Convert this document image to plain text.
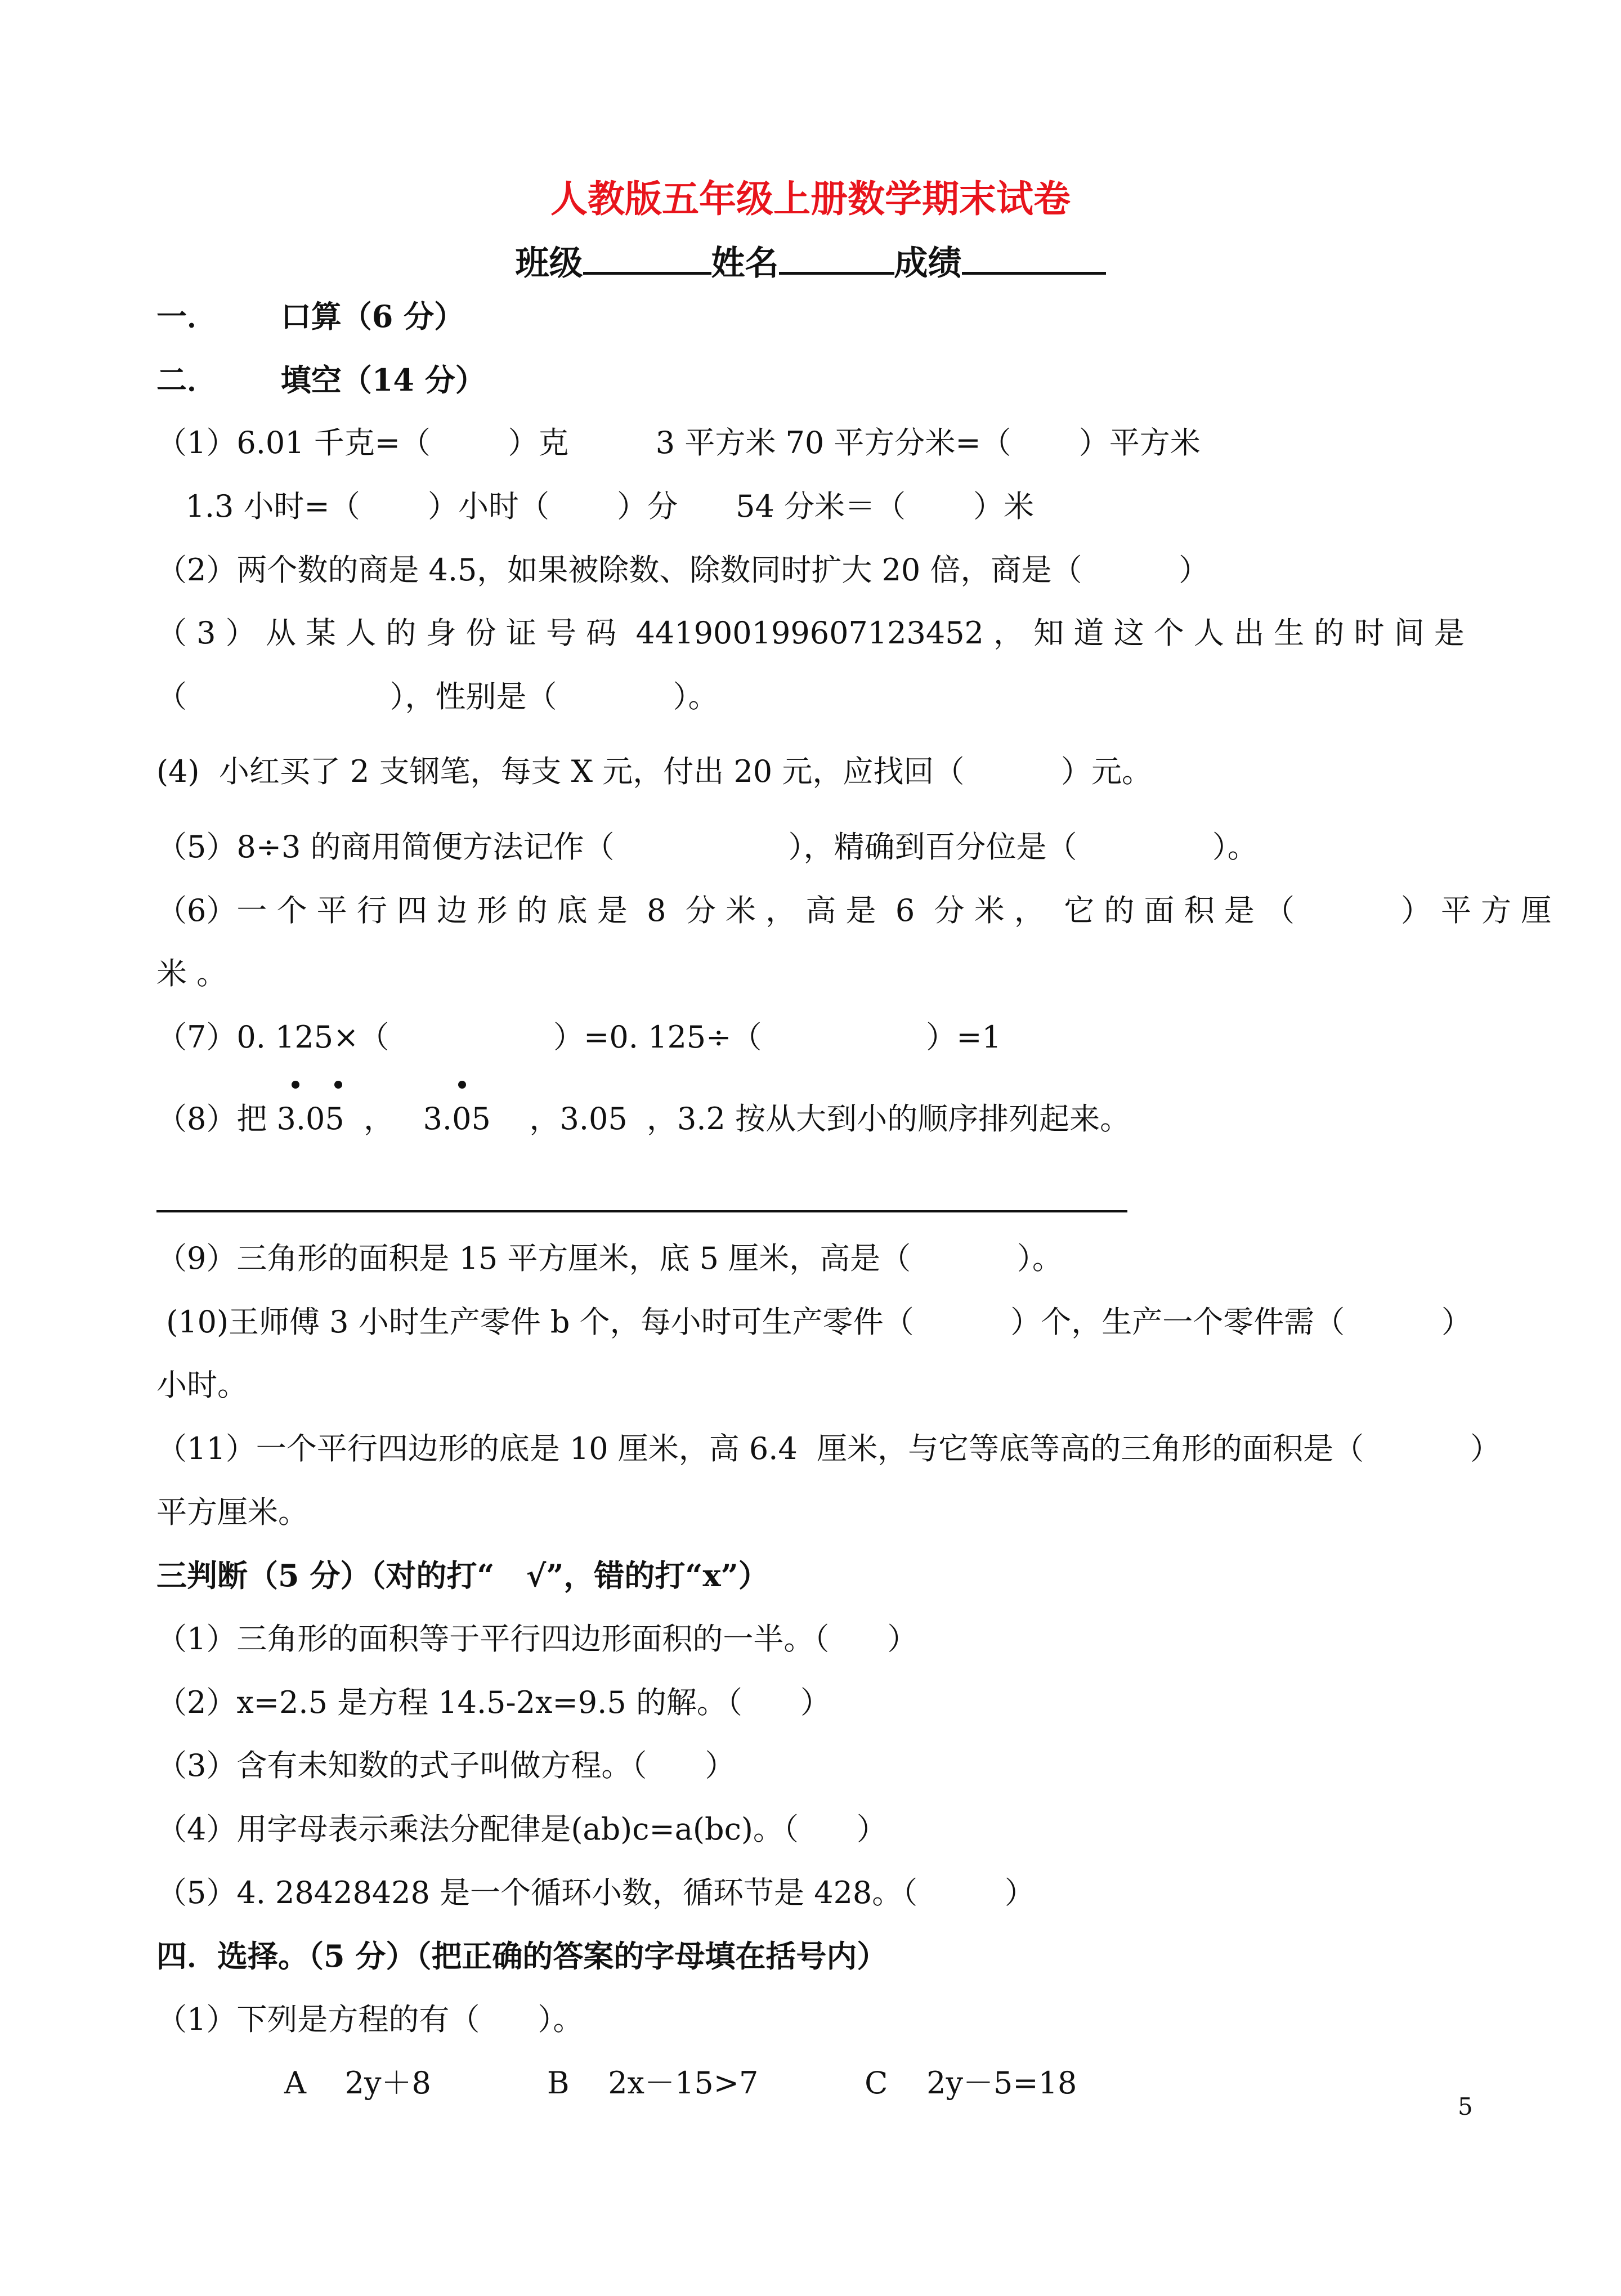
人教版五年级上册数学期末试卷
班级	姓名	成绩
一．      口算（6 分）
二．      填空（14 分）
（1）6.01 千克=（        ）克         3 平方米 70 平方分米=（       ）平方米
1.3 小时=（       ）小时（       ）分      54 分米＝（       ）米
（2）两个数的商是 4.5，如果被除数、除数同时扩大 20 倍，商是（          ）
（ 3 ） 从 某 人 的 身 份 证 号 码  441900199607123452 ， 知 道 这 个 人 出 生 的 时 间 是
（                     ），性别是（            ）。
(4)  小红买了 2 支钢笔，每支 X 元，付出 20 元，应找回（          ）元。
（5）8÷3 的商用简便方法记作（                  ），精确到百分位是（              ）。
（6）一 个 平 行 四 边 形 的 底 是  8  分 米 ， 高 是  6  分 米 ，  它 的 面 积 是 （           ） 平 方 厘
米 。
（7）0. 125×（                 ）=0. 125÷（                 ）=1
（8）把 3.05  ，   3.05    ，3.05  ，3.2 按从大到小的顺序排列起来。
（9）三角形的面积是 15 平方厘米，底 5 厘米，高是（           ）。
(10)王师傅 3 小时生产零件 b 个，每小时可生产零件（          ）个，生产一个零件需（          ）
小时。
（11）一个平行四边形的底是 10 厘米，高 6.4  厘米，与它等底等高的三角形的面积是（           ）
平方厘米。
三判断（5 分）（对的打“   √”，错的打“x”）
（1）三角形的面积等于平行四边形面积的一半。（      ）
（2）x=2.5 是方程 14.5-2x=9.5 的解。（      ）
（3）含有未知数的式子叫做方程。（      ）
（4）用字母表示乘法分配律是(ab)c=a(bc)。（      ）
（5）4. 28428428 是一个循环小数，循环节是 428。（         ）
四．选择。（5 分）（把正确的答案的字母填在括号内）
（1）下列是方程的有（      ）。
A    2y＋8            B    2x－15>7           C    2y－5=18
5
